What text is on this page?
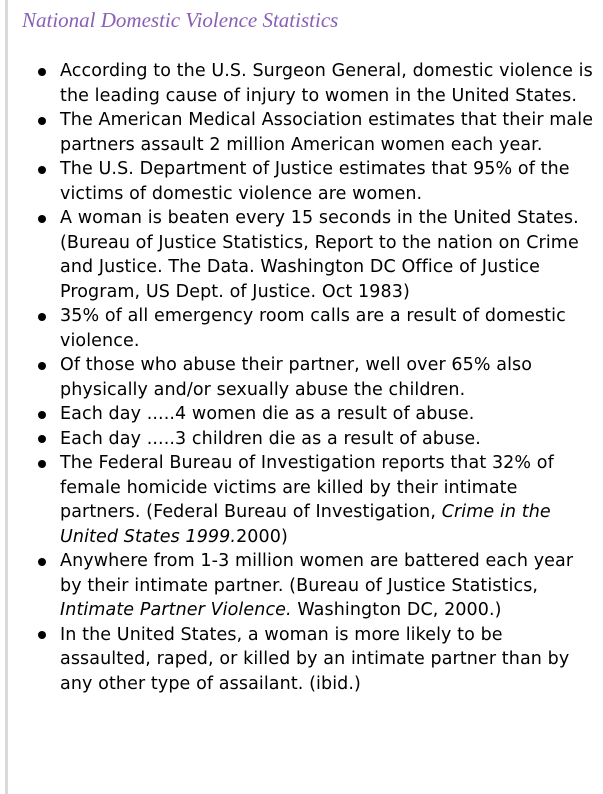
National Domestic Violence Statistics
According to the U.S. Surgeon General, domestic violence is the leading cause of injury to women in the United States.
The American Medical Association estimates that their male partners assault 2 million American women each year.
The U.S. Department of Justice estimates that 95% of the victims of domestic violence are women.
A woman is beaten every 15 seconds in the United States. (Bureau of Justice Statistics, Report to the nation on Crime and Justice. The Data. Washington DC Office of Justice Program, US Dept. of Justice. Oct 1983)
35% of all emergency room calls are a result of domestic violence.
Of those who abuse their partner, well over 65% also physically and/or sexually abuse the children.
Each day .....4 women die as a result of abuse.
Each day .....3 children die as a result of abuse.
The Federal Bureau of Investigation reports that 32% of female homicide victims are killed by their intimate partners. (Federal Bureau of Investigation, Crime in the United States 1999.2000)
Anywhere from 1-3 million women are battered each year by their intimate partner. (Bureau of Justice Statistics, Intimate Partner Violence. Washington DC, 2000.)
In the United States, a woman is more likely to be assaulted, raped, or killed by an intimate partner than by any other type of assailant. (ibid.)
